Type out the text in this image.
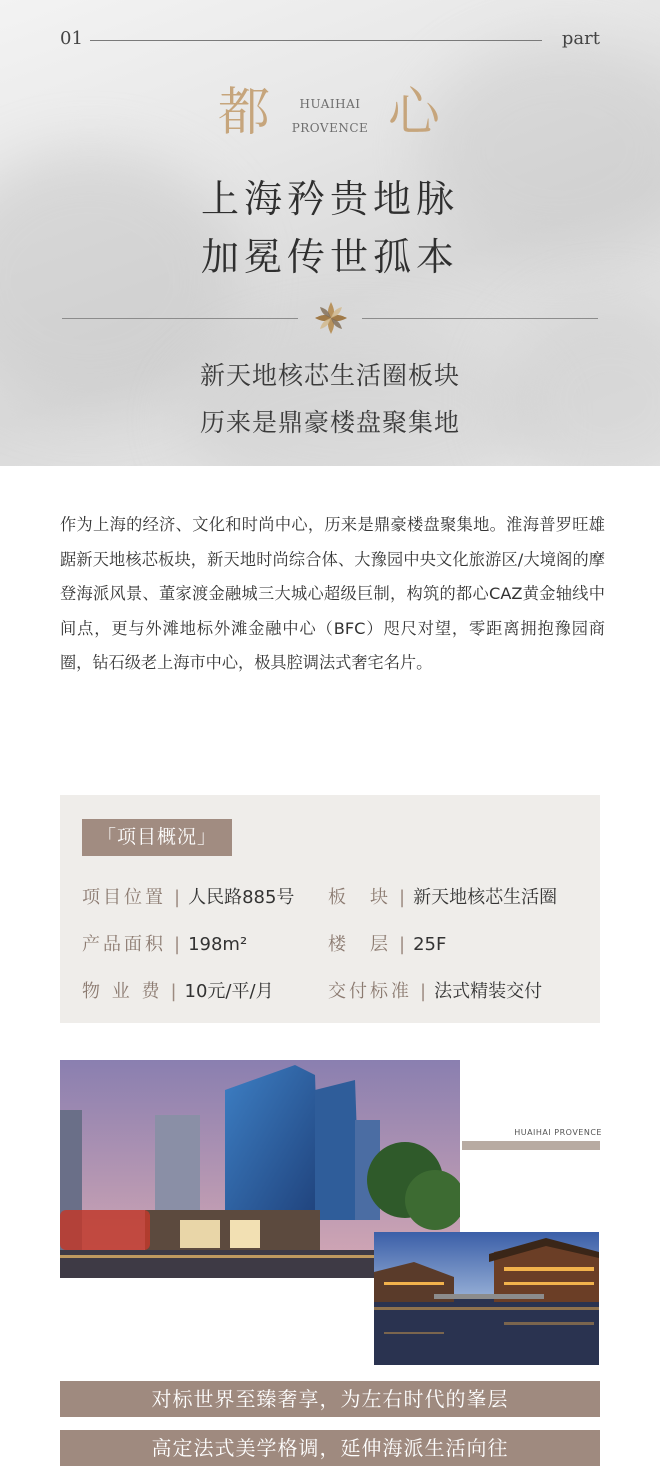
01	part
都	HUAIHAI
PROVENCE 心
上海矜贵地脉
加冕传世孤本
新天地核芯生活圈板块
历来是鼎豪楼盘聚集地
作为上海的经济、文化和时尚中心，历来是鼎豪楼盘聚集地。淮海普罗旺雄踞新天地核芯板块，新天地时尚综合体、大豫园中央文化旅游区/大境阁的摩登海派风景、董家渡金融城三大城心超级巨制，构筑的都心CAZ黄金轴线中间点，更与外滩地标外滩金融中心（BFC）咫尺对望，零距离拥抱豫园商圈，钻石级老上海市中心，极具腔调法式奢宅名片。
「项目概况」
项目位置 | 人民路885号 板　块 | 新天地核芯生活圈
产品面积 | 198m²	楼　层 | 25F
物 业 费 | 10元/平/月	交付标准 | 法式精装交付
HUAIHAI PROVENCE
对标世界至臻奢享，为左右时代的峯层
高定法式美学格调，延伸海派生活向往
